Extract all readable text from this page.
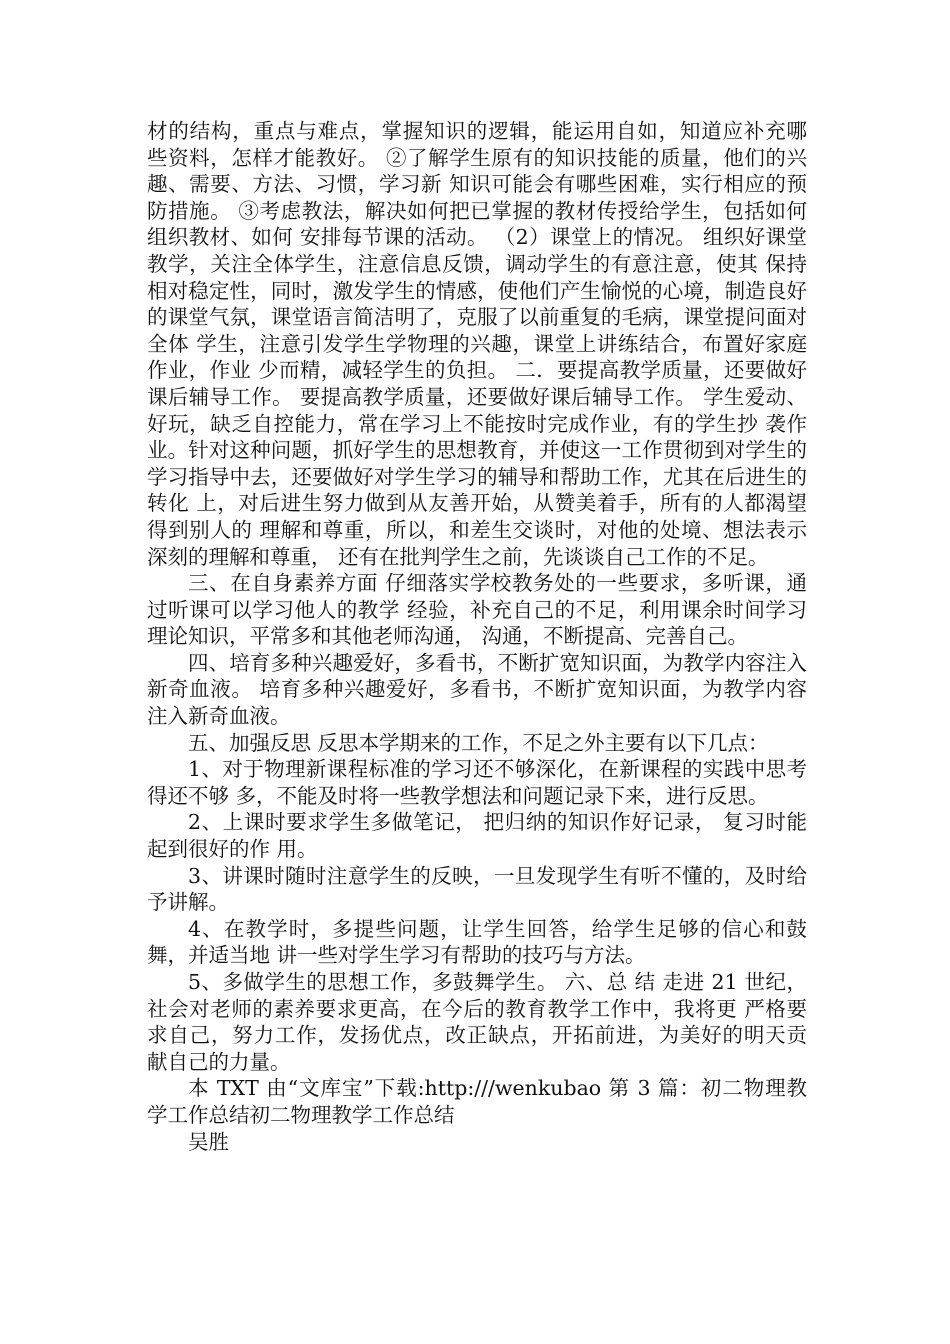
材的结构，重点与难点，掌握知识的逻辑，能运用自如，知道应补充哪 些资料，怎样才能教好。 ②了解学生原有的知识技能的质量，他们的兴趣、需要、方法、习惯，学习新 知识可能会有哪些困难，实行相应的预防措施。 ③考虑教法，解决如何把已掌握的教材传授给学生，包括如何组织教材、如何 安排每节课的活动。 （2）课堂上的情况。 组织好课堂教学，关注全体学生，注意信息反馈，调动学生的有意注意，使其 保持相对稳定性，同时，激发学生的情感，使他们产生愉悦的心境，制造良好 的课堂气氛，课堂语言简洁明了，克服了以前重复的毛病，课堂提问面对全体 学生，注意引发学生学物理的兴趣，课堂上讲练结合，布置好家庭作业，作业 少而精，减轻学生的负担。 二．要提高教学质量，还要做好课后辅导工作。 要提高教学质量，还要做好课后辅导工作。 学生爱动、好玩，缺乏自控能力，常在学习上不能按时完成作业，有的学生抄 袭作业。针对这种问题，抓好学生的思想教育，并使这一工作贯彻到对学生的学习指导中去，还要做好对学生学习的辅导和帮助工作，尤其在后进生的转化 上，对后进生努力做到从友善开始，从赞美着手，所有的人都渴望得到别人的 理解和尊重，所以，和差生交谈时，对他的处境、想法表示深刻的理解和尊重， 还有在批判学生之前，先谈谈自己工作的不足。

三、在自身素养方面 仔细落实学校教务处的一些要求，多听课，通过听课可以学习他人的教学 经验，补充自己的不足，利用课余时间学习理论知识，平常多和其他老师沟通， 沟通，不断提高、完善自己。

四、培育多种兴趣爱好，多看书，不断扩宽知识面，为教学内容注入新奇血液。 培育多种兴趣爱好，多看书，不断扩宽知识面，为教学内容注入新奇血液。

五、加强反思 反思本学期来的工作，不足之外主要有以下几点：

1、对于物理新课程标准的学习还不够深化，在新课程的实践中思考得还不够 多，不能及时将一些教学想法和问题记录下来，进行反思。

2、上课时要求学生多做笔记， 把归纳的知识作好记录， 复习时能起到很好的作 用。

3、讲课时随时注意学生的反映，一旦发现学生有听不懂的，及时给予讲解。

4、在教学时，多提些问题，让学生回答，给学生足够的信心和鼓舞，并适当地 讲一些对学生学习有帮助的技巧与方法。

5、多做学生的思想工作，多鼓舞学生。 六、总 结 走进 21 世纪，社会对老师的素养要求更高，在今后的教育教学工作中，我将更 严格要求自己，努力工作，发扬优点，改正缺点，开拓前进，为美好的明天贡 献自己的力量。

本 TXT 由“文库宝”下载:http:///wenkubao 第 3 篇：初二物理教学工作总结初二物理教学工作总结

吴胜
